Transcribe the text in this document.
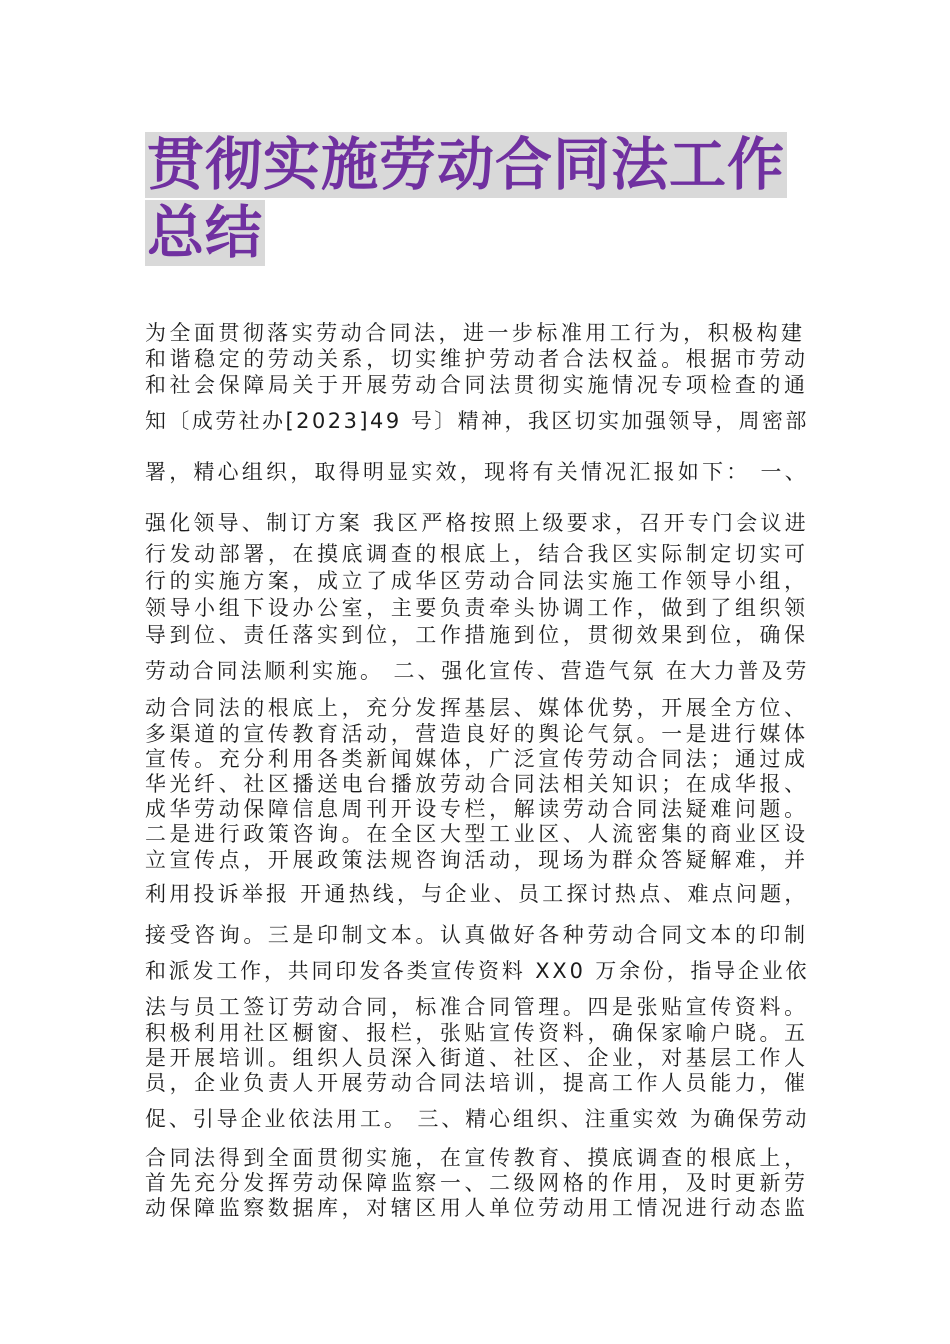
贯彻实施劳动合同法工作
总结
为全面贯彻落实劳动合同法，进一步标准用工行为，积极构建
和谐稳定的劳动关系，切实维护劳动者合法权益。根据市劳动
和社会保障局关于开展劳动合同法贯彻实施情况专项检查的通
知〔成劳社办[2023]49 号〕精神，我区切实加强领导，周密部
署，精心组织，取得明显实效，现将有关情况汇报如下： 一、
强化领导、制订方案 我区严格按照上级要求，召开专门会议进
行发动部署，在摸底调查的根底上，结合我区实际制定切实可
行的实施方案，成立了成华区劳动合同法实施工作领导小组，
领导小组下设办公室，主要负责牵头协调工作，做到了组织领
导到位、责任落实到位，工作措施到位，贯彻效果到位，确保
劳动合同法顺利实施。 二、强化宣传、营造气氛 在大力普及劳
动合同法的根底上，充分发挥基层、媒体优势，开展全方位、
多渠道的宣传教育活动，营造良好的舆论气氛。一是进行媒体
宣传。充分利用各类新闻媒体，广泛宣传劳动合同法；通过成
华光纤、社区播送电台播放劳动合同法相关知识；在成华报、
成华劳动保障信息周刊开设专栏，解读劳动合同法疑难问题。
二是进行政策咨询。在全区大型工业区、人流密集的商业区设
立宣传点，开展政策法规咨询活动，现场为群众答疑解难，并
利用投诉举报 开通热线，与企业、员工探讨热点、难点问题，
接受咨询。三是印制文本。认真做好各种劳动合同文本的印制
和派发工作，共同印发各类宣传资料 XX0 万余份，指导企业依
法与员工签订劳动合同，标准合同管理。四是张贴宣传资料。
积极利用社区橱窗、报栏，张贴宣传资料，确保家喻户晓。五
是开展培训。组织人员深入街道、社区、企业，对基层工作人
员，企业负责人开展劳动合同法培训，提高工作人员能力，催
促、引导企业依法用工。 三、精心组织、注重实效 为确保劳动
合同法得到全面贯彻实施，在宣传教育、摸底调查的根底上，
首先充分发挥劳动保障监察一、二级网格的作用，及时更新劳
动保障监察数据库，对辖区用人单位劳动用工情况进行动态监
